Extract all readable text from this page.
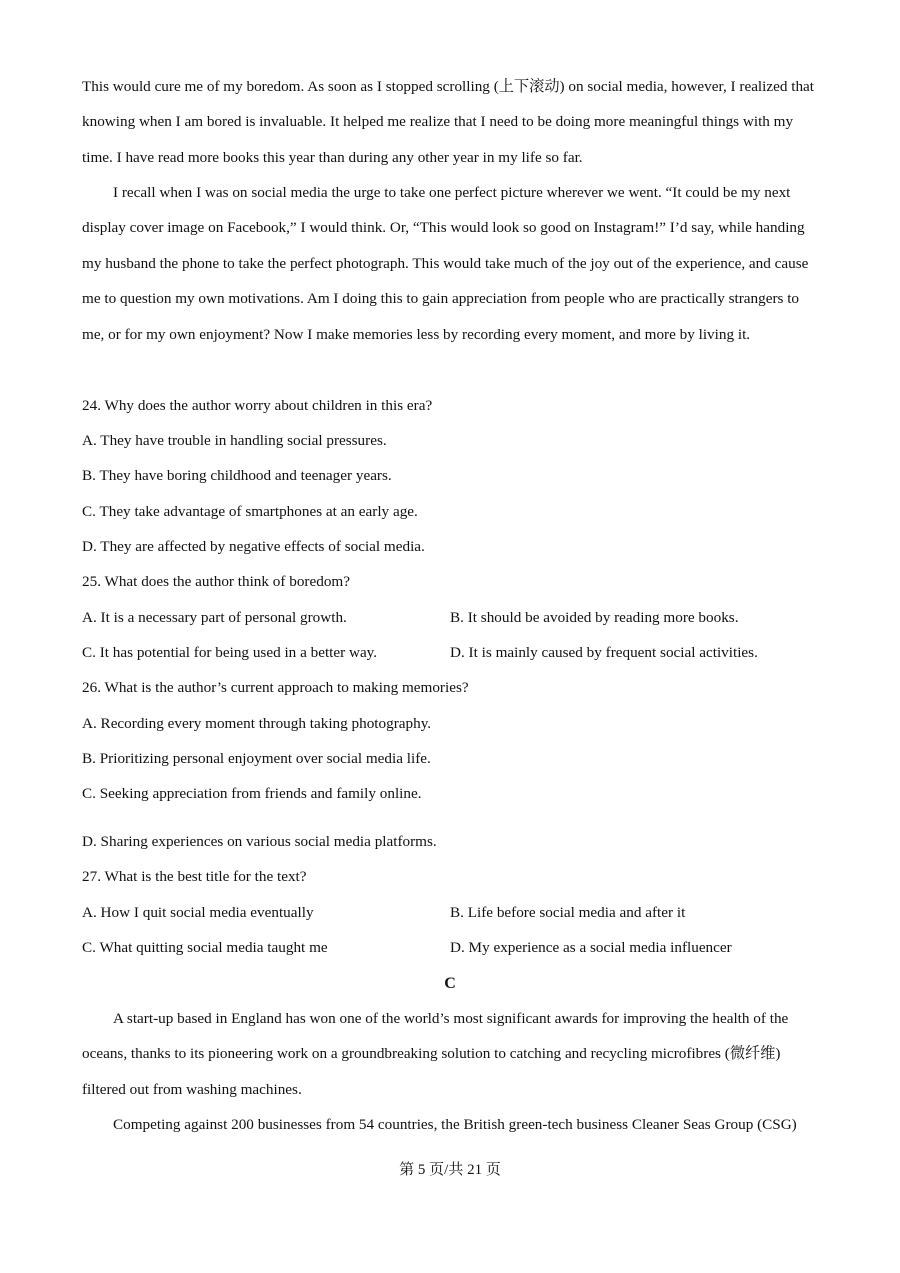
This would cure me of my boredom. As soon as I stopped scrolling (上下滚动) on social media, however, I realized that knowing when I am bored is invaluable. It helped me realize that I need to be doing more meaningful things with my time. I have read more books this year than during any other year in my life so far.

I recall when I was on social media the urge to take one perfect picture wherever we went. “It could be my next display cover image on Facebook,” I would think. Or, “This would look so good on Instagram!” I’d say, while handing my husband the phone to take the perfect photograph. This would take much of the joy out of the experience, and cause me to question my own motivations. Am I doing this to gain appreciation from people who are practically strangers to me, or for my own enjoyment? Now I make memories less by recording every moment, and more by living it.

24. Why does the author worry about children in this era?
A. They have trouble in handling social pressures.
B. They have boring childhood and teenager years.
C. They take advantage of smartphones at an early age.
D. They are affected by negative effects of social media.
25. What does the author think of boredom?
A. It is a necessary part of personal growth.	B. It should be avoided by reading more books.
C. It has potential for being used in a better way.	D. It is mainly caused by frequent social activities.
26. What is the author’s current approach to making memories?
A. Recording every moment through taking photography.
B. Prioritizing personal enjoyment over social media life.
C. Seeking appreciation from friends and family online.
D. Sharing experiences on various social media platforms.
27. What is the best title for the text?
A. How I quit social media eventually	B. Life before social media and after it
C. What quitting social media taught me	D. My experience as a social media influencer
C

A start-up based in England has won one of the world’s most significant awards for improving the health of the oceans, thanks to its pioneering work on a groundbreaking solution to catching and recycling microfibres (微纤维) filtered out from washing machines.

Competing against 200 businesses from 54 countries, the British green-tech business Cleaner Seas Group (CSG)

第 5 页/共 21 页
